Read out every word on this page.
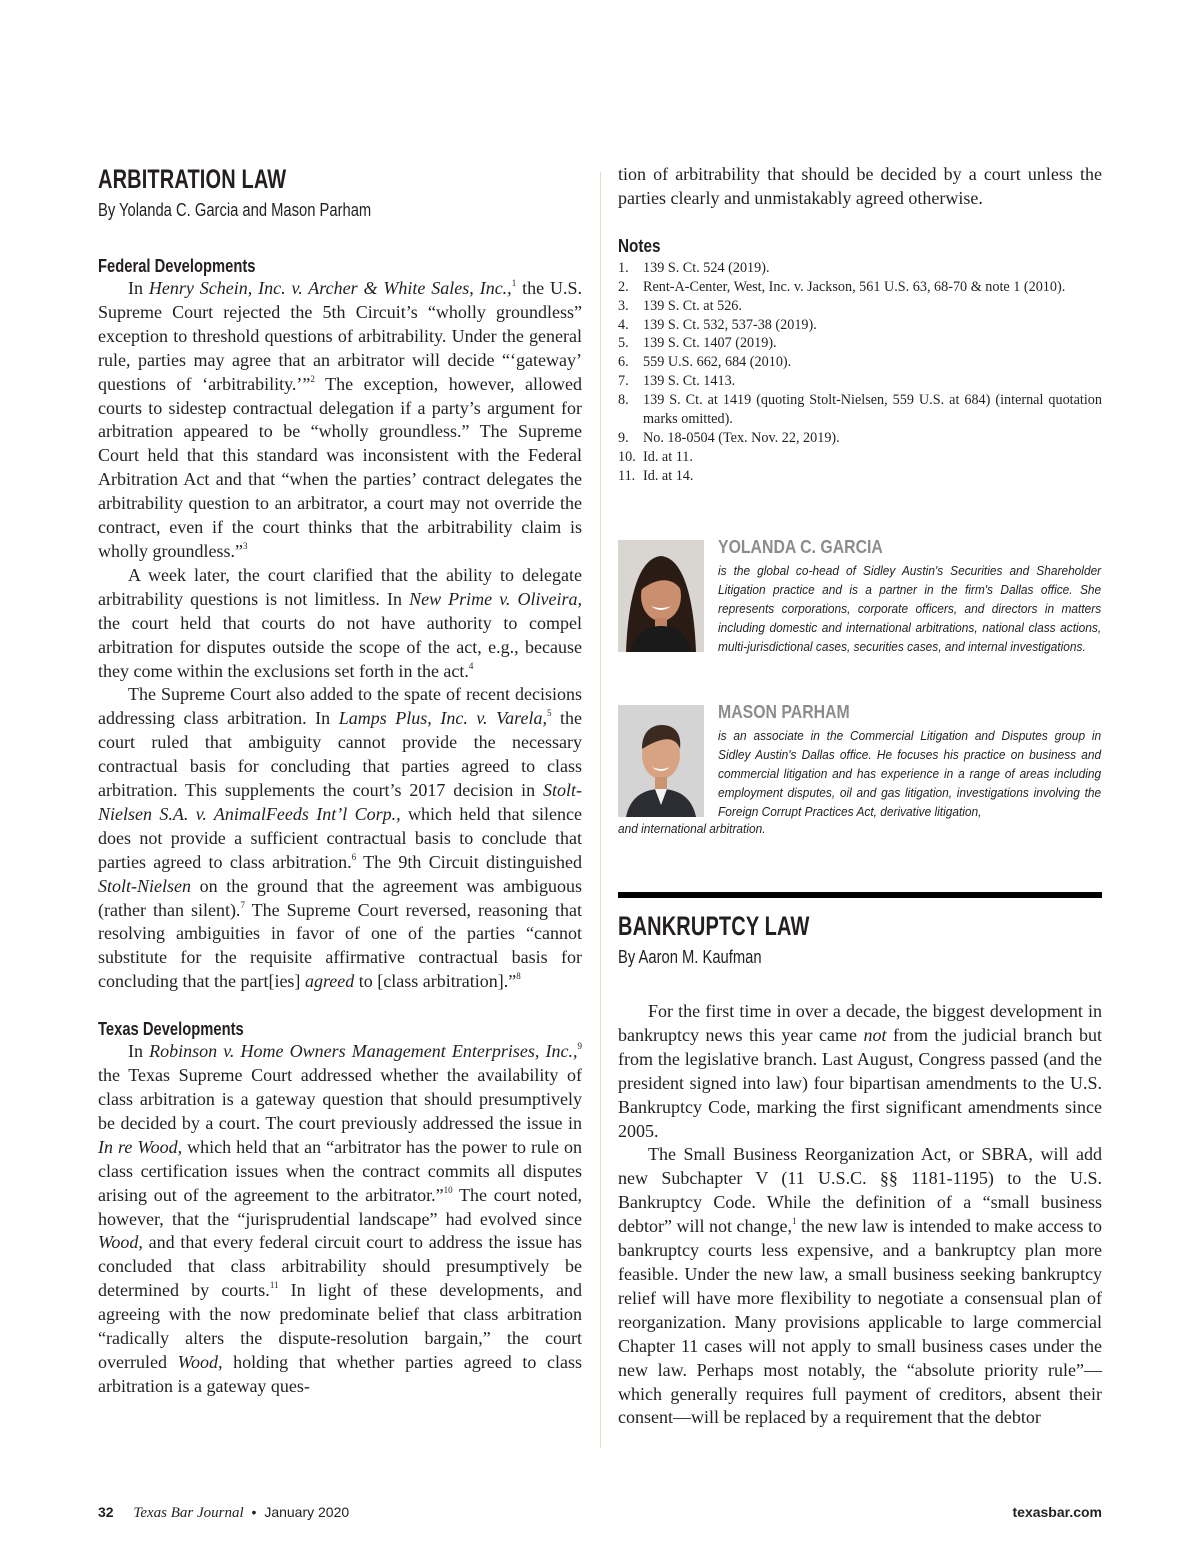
ARBITRATION LAW
By Yolanda C. Garcia and Mason Parham
Federal Developments

In Henry Schein, Inc. v. Archer & White Sales, Inc.,$^1$ the U.S. Supreme Court rejected the 5th Circuit’s “wholly groundless” exception to threshold questions of arbitrability. Under the general rule, parties may agree that an arbitrator will decide “‘gateway’ questions of ‘arbitrability.’”$^2$ The exception, however, allowed courts to sidestep contractual delegation if a party’s argument for arbitration appeared to be “wholly groundless.” The Supreme Court held that this standard was inconsistent with the Federal Arbitration Act and that “when the parties’ contract delegates the arbitrability question to an arbitrator, a court may not override the contract, even if the court thinks that the arbitrability claim is wholly groundless.”$^3$

A week later, the court clarified that the ability to delegate arbitrability questions is not limitless. In New Prime v. Oliveira, the court held that courts do not have authority to compel arbitration for disputes outside the scope of the act, e.g., because they come within the exclusions set forth in the act.$^4$

The Supreme Court also added to the spate of recent decisions addressing class arbitration. In Lamps Plus, Inc. v. Varela,$^5$ the court ruled that ambiguity cannot provide the necessary contractual basis for concluding that parties agreed to class arbitration. This supplements the court’s 2017 decision in Stolt-Nielsen S.A. v. AnimalFeeds Int’l Corp., which held that silence does not provide a sufficient contractual basis to conclude that parties agreed to class arbitration.$^6$ The 9th Circuit distinguished Stolt-Nielsen on the ground that the agreement was ambiguous (rather than silent).$^7$ The Supreme Court reversed, reasoning that resolving ambiguities in favor of one of the parties “cannot substitute for the requisite affirmative contractual basis for concluding that the part[ies] agreed to [class arbitration].”$^8$

Texas Developments

In Robinson v. Home Owners Management Enterprises, Inc.,$^9$ the Texas Supreme Court addressed whether the availability of class arbitration is a gateway question that should presumptively be decided by a court. The court previously addressed the issue in In re Wood, which held that an “arbitrator has the power to rule on class certification issues when the contract commits all disputes arising out of the agreement to the arbitrator.”$^{10}$ The court noted, however, that the “jurisprudential landscape” had evolved since Wood, and that every federal circuit court to address the issue has concluded that class arbitrability should presumptively be determined by courts.$^{11}$ In light of these developments, and agreeing with the now predominate belief that class arbitration “radically alters the dispute-resolution bargain,” the court overruled Wood, holding that whether parties agreed to class arbitration is a gateway ques-

tion of arbitrability that should be decided by a court unless the parties clearly and unmistakably agreed otherwise.

Notes
1.	139 S. Ct. 524 (2019).
2.	Rent-A-Center, West, Inc. v. Jackson, 561 U.S. 63, 68-70 & note 1 (2010).
3.	139 S. Ct. at 526.
4.	139 S. Ct. 532, 537-38 (2019).
5.	139 S. Ct. 1407 (2019).
6.	559 U.S. 662, 684 (2010).
7.	139 S. Ct. 1413.
8.	139 S. Ct. at 1419 (quoting Stolt-Nielsen, 559 U.S. at 684) (internal quotation marks omitted).
9.	No. 18-0504 (Tex. Nov. 22, 2019).
10. Id. at 11.
11. Id. at 14.
YOLANDA C. GARCIA
is the global co-head of Sidley Austin's Securities and Shareholder Litigation practice and is a partner in the firm's Dallas office. She represents corporations, corporate officers, and directors in matters including domestic and international arbitrations, national class actions, multi-jurisdictional cases, securities cases, and internal investigations.
MASON PARHAM
is an associate in the Commercial Litigation and Disputes group in Sidley Austin's Dallas office. He focuses his practice on business and commercial litigation and has experience in a range of areas including employment disputes, oil and gas litigation, investigations involving the Foreign Corrupt Practices Act, derivative litigation,
and international arbitration.
BANKRUPTCY LAW
By Aaron M. Kaufman

For the first time in over a decade, the biggest development in bankruptcy news this year came not from the judicial branch but from the legislative branch. Last August, Congress passed (and the president signed into law) four bipartisan amendments to the U.S. Bankruptcy Code, marking the first significant amendments since 2005.

The Small Business Reorganization Act, or SBRA, will add new Subchapter V (11 U.S.C. §§ 1181-1195) to the U.S. Bankruptcy Code. While the definition of a “small business debtor” will not change,$^1$ the new law is intended to make access to bankruptcy courts less expensive, and a bankruptcy plan more feasible. Under the new law, a small business seeking bankruptcy relief will have more flexibility to negotiate a consensual plan of reorganization. Many provisions applicable to large commercial Chapter 11 cases will not apply to small business cases under the new law. Perhaps most notably, the “absolute priority rule”—which generally requires full payment of creditors, absent their consent—will be replaced by a requirement that the debtor

32 Texas Bar Journal • January 2020	texasbar.com
